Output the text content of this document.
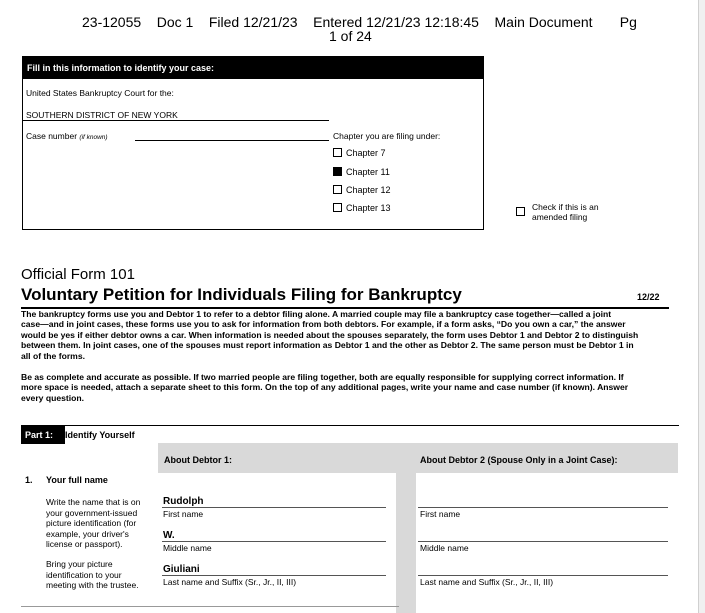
23-12055    Doc 1    Filed 12/21/23    Entered 12/21/23 12:18:45    Main Document       Pg
1 of 24
Fill in this information to identify your case:
United States Bankruptcy Court for the:
SOUTHERN DISTRICT OF NEW YORK
Case number (if known)	Chapter you are filing under:
Chapter 7
Chapter 11
Chapter 12
Chapter 13	Check if this is an
amended filing
Official Form 101
Voluntary Petition for Individuals Filing for Bankruptcy	12/22
The bankruptcy forms use you and Debtor 1 to refer to a debtor filing alone. A married couple may file a bankruptcy case together—called a joint
case—and in joint cases, these forms use you to ask for information from both debtors. For example, if a form asks, “Do you own a car,” the answer
would be yes if either debtor owns a car. When information is needed about the spouses separately, the form uses Debtor 1 and Debtor 2 to distinguish
between them. In joint cases, one of the spouses must report information as Debtor 1 and the other as Debtor 2. The same person must be Debtor 1 in
all of the forms.
Be as complete and accurate as possible. If two married people are filing together, both are equally responsible for supplying correct information. If
more space is needed, attach a separate sheet to this form. On the top of any additional pages, write your name and case number (if known). Answer
every question.
Part 1:	Identify Yourself
About Debtor 1:	About Debtor 2 (Spouse Only in a Joint Case):
1. Your full name
Write the name that is on
your government-issued
picture identification (for
example, your driver's
license or passport).
Bring your picture
identification to your
meeting with the trustee.
Rudolph
First name
W.
Middle name
Giuliani
Last name and Suffix (Sr., Jr., II, III)
First name
Middle name
Last name and Suffix (Sr., Jr., II, III)
